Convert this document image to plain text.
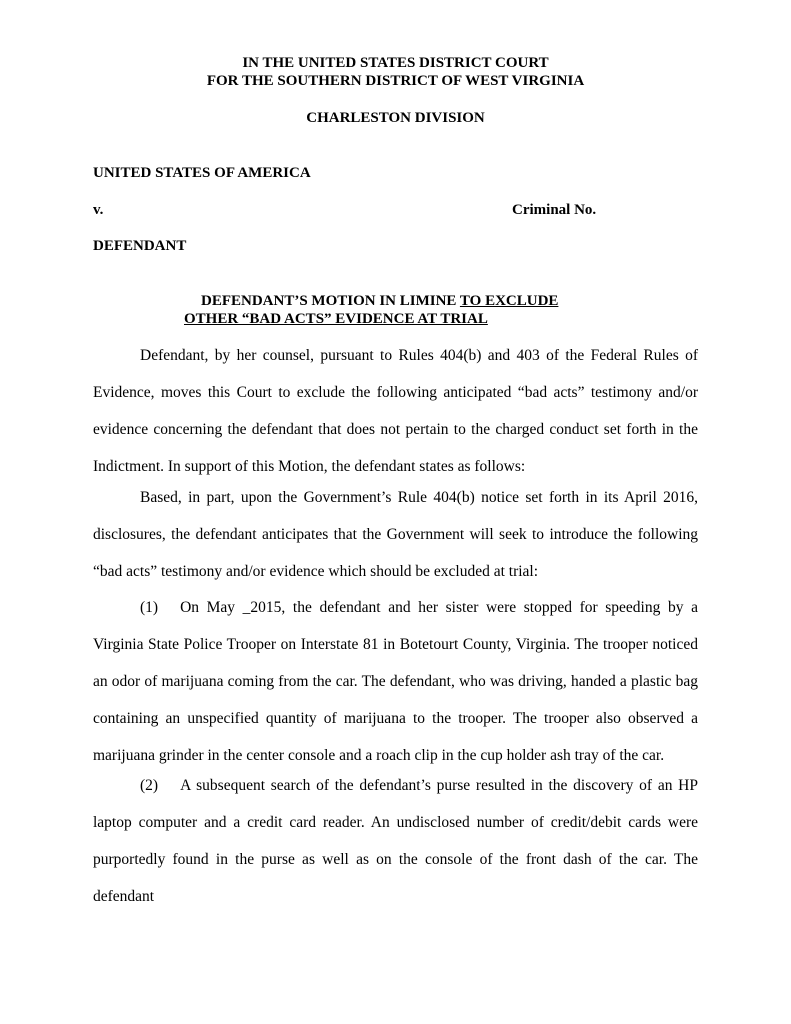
IN THE UNITED STATES DISTRICT COURT
FOR THE SOUTHERN DISTRICT OF WEST VIRGINIA
CHARLESTON DIVISION
UNITED STATES OF AMERICA
v.	Criminal No.
DEFENDANT
DEFENDANT’S MOTION IN LIMINE TO EXCLUDE
OTHER “BAD ACTS” EVIDENCE AT TRIAL

Defendant, by her counsel, pursuant to Rules 404(b) and 403 of the Federal Rules of Evidence, moves this Court to exclude the following anticipated “bad acts” testimony and/or evidence concerning the defendant that does not pertain to the charged conduct set forth in the Indictment. In support of this Motion, the defendant states as follows:

Based, in part, upon the Government’s Rule 404(b) notice set forth in its April 2016, disclosures, the defendant anticipates that the Government will seek to introduce the following “bad acts” testimony and/or evidence which should be excluded at trial:

(1) On May _2015, the defendant and her sister were stopped for speeding by a Virginia State Police Trooper on Interstate 81 in Botetourt County, Virginia. The trooper noticed an odor of marijuana coming from the car. The defendant, who was driving, handed a plastic bag containing an unspecified quantity of marijuana to the trooper. The trooper also observed a marijuana grinder in the center console and a roach clip in the cup holder ash tray of the car.

(2) A subsequent search of the defendant’s purse resulted in the discovery of an HP laptop computer and a credit card reader. An undisclosed number of credit/debit cards were purportedly found in the purse as well as on the console of the front dash of the car. The defendant
